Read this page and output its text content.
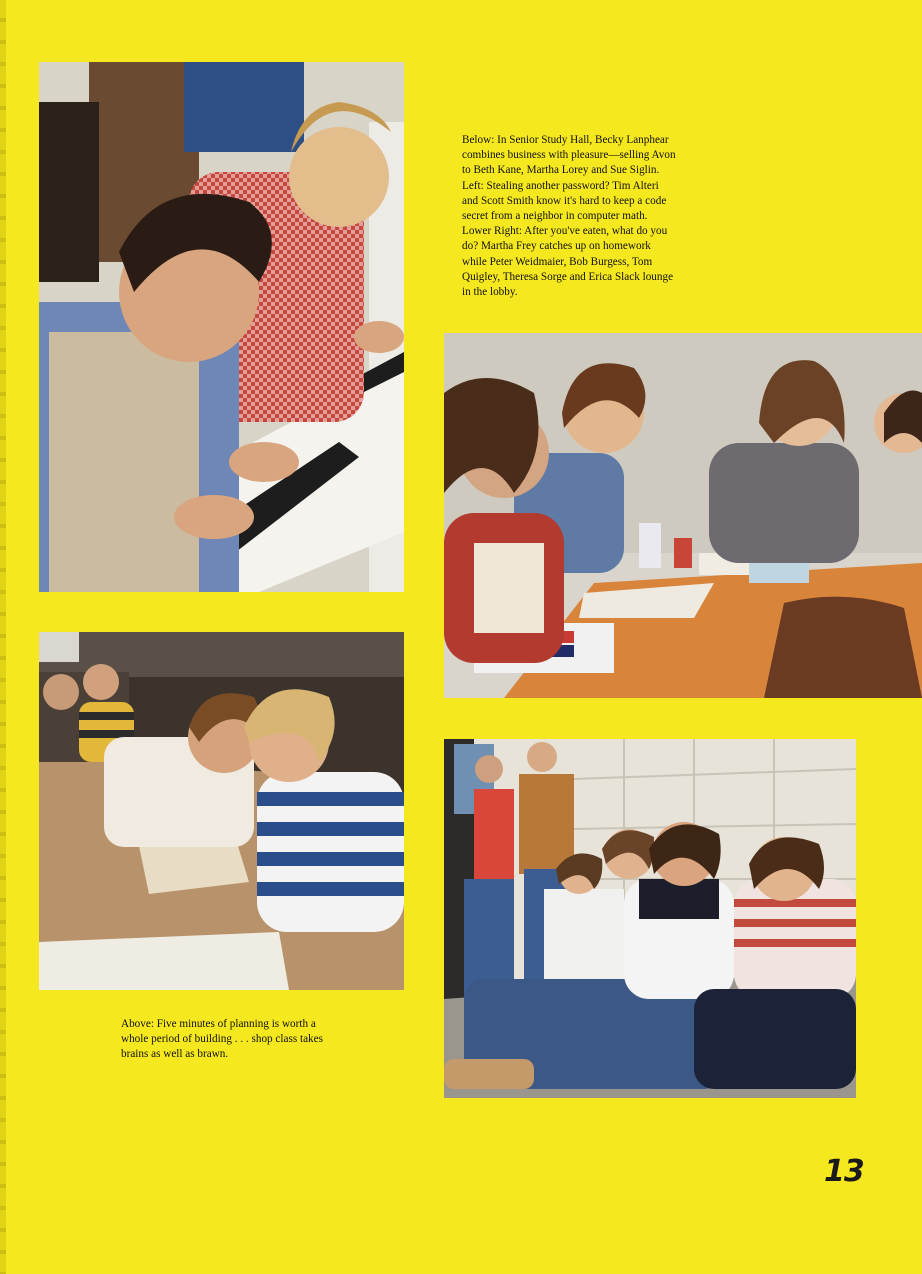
Below: In Senior Study Hall, Becky Lanphear
combines business with pleasure—selling Avon
to Beth Kane, Martha Lorey and Sue Siglin.
Left: Stealing another password? Tim Alteri
and Scott Smith know it's hard to keep a code
secret from a neighbor in computer math.
Lower Right: After you've eaten, what do you
do? Martha Frey catches up on homework
while Peter Weidmaier, Bob Burgess, Tom
Quigley, Theresa Sorge and Erica Slack lounge
in the lobby.

Above: Five minutes of planning is worth a
whole period of building . . . shop class takes
brains as well as brawn.

13
